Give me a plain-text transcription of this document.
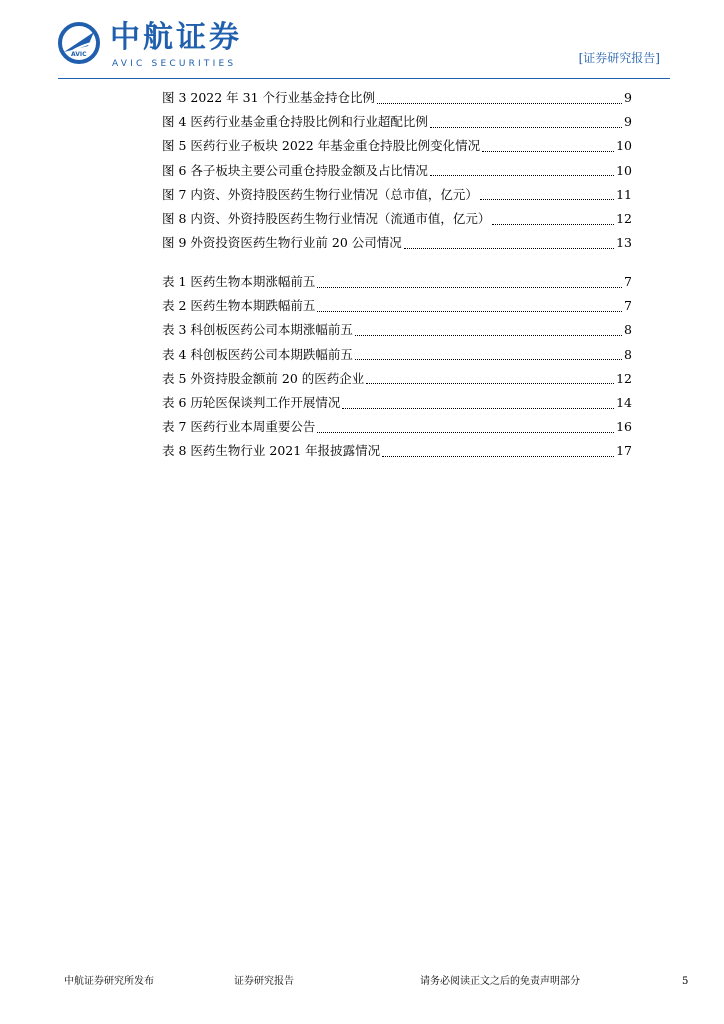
AVIC 中航证券
AVIC SECURITIES	[证券研究报告]
图 3 2022 年 31 个行业基金持仓比例	9
图 4 医药行业基金重仓持股比例和行业超配比例	9
图 5 医药行业子板块 2022 年基金重仓持股比例变化情况	10
图 6 各子板块主要公司重仓持股金额及占比情况	10
图 7 内资、外资持股医药生物行业情况（总市值，亿元）	11
图 8 内资、外资持股医药生物行业情况（流通市值，亿元）	12
图 9 外资投资医药生物行业前 20 公司情况	13
表 1 医药生物本期涨幅前五	7
表 2 医药生物本期跌幅前五	7
表 3 科创板医药公司本期涨幅前五	8
表 4 科创板医药公司本期跌幅前五	8
表 5 外资持股金额前 20 的医药企业	12
表 6 历轮医保谈判工作开展情况	14
表 7 医药行业本周重要公告	16
表 8 医药生物行业 2021 年报披露情况	17
中航证券研究所发布	证券研究报告	请务必阅读正文之后的免责声明部分	5
